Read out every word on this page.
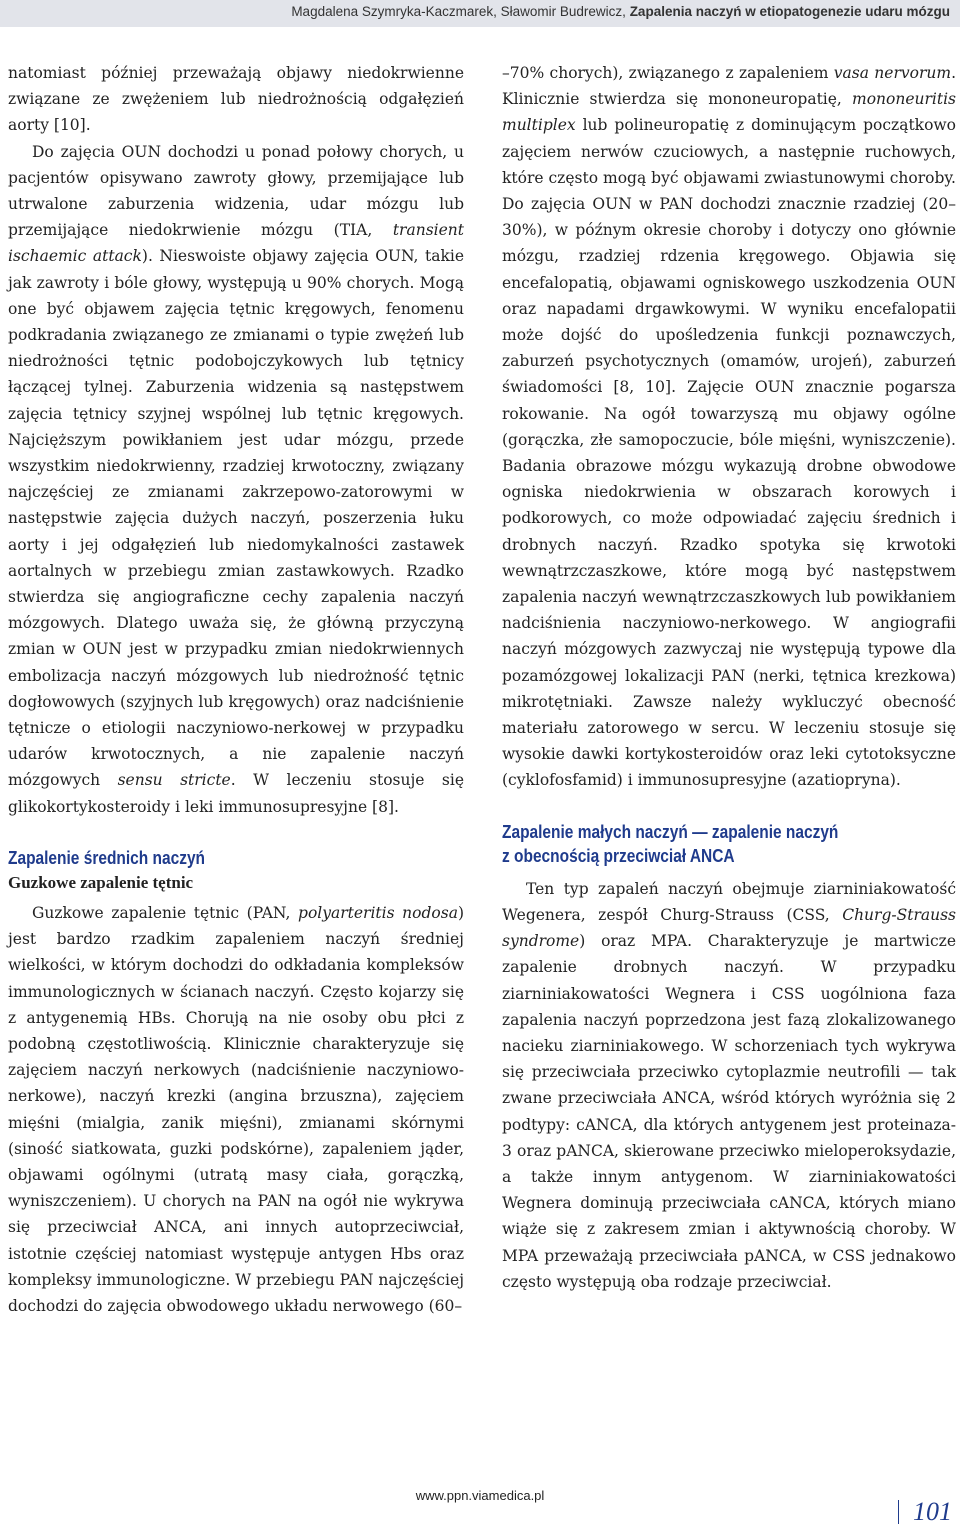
Magdalena Szymryka-Kaczmarek, Sławomir Budrewicz, Zapalenia naczyń w etiopatogenezie udaru mózgu

natomiast później przeważają objawy niedokrwienne związane ze zwężeniem lub niedrożnością odgałęzień aorty [10].

Do zajęcia OUN dochodzi u ponad połowy chorych, u pacjentów opisywano zawroty głowy, przemijające lub utrwalone zaburzenia widzenia, udar mózgu lub przemijające niedokrwienie mózgu (TIA, transient ischaemic attack). Nieswoiste objawy zajęcia OUN, takie jak zawroty i bóle głowy, występują u 90% chorych. Mogą one być objawem zajęcia tętnic kręgowych, fenomenu podkradania związanego ze zmianami o typie zwężeń lub niedrożności tętnic podobojczykowych lub tętnicy łączącej tylnej. Zaburzenia widzenia są następstwem zajęcia tętnicy szyjnej wspólnej lub tętnic kręgowych. Najcięższym powikłaniem jest udar mózgu, przede wszystkim niedokrwienny, rzadziej krwotoczny, związany najczęściej ze zmianami zakrzepowo-zatorowymi w następstwie zajęcia dużych naczyń, poszerzenia łuku aorty i jej odgałęzień lub niedomykalności zastawek aortalnych w przebiegu zmian zastawkowych. Rzadko stwierdza się angiograficzne cechy zapalenia naczyń mózgowych. Dlatego uważa się, że główną przyczyną zmian w OUN jest w przypadku zmian niedokrwiennych embolizacja naczyń mózgowych lub niedrożność tętnic dogłowowych (szyjnych lub kręgowych) oraz nadciśnienie tętnicze o etiologii naczyniowo-nerkowej w przypadku udarów krwotocznych, a nie zapalenie naczyń mózgowych sensu stricte. W leczeniu stosuje się glikokortykosteroidy i leki immunosupresyjne [8].

Zapalenie średnich naczyń
Guzkowe zapalenie tętnic

Guzkowe zapalenie tętnic (PAN, polyarteritis nodosa) jest bardzo rzadkim zapaleniem naczyń średniej wielkości, w którym dochodzi do odkładania kompleksów immunologicznych w ścianach naczyń. Często kojarzy się z antygenemią HBs. Chorują na nie osoby obu płci z podobną częstotliwością. Klinicznie charakteryzuje się zajęciem naczyń nerkowych (nadciśnienie naczyniowo-nerkowe), naczyń krezki (angina brzuszna), zajęciem mięśni (mialgia, zanik mięśni), zmianami skórnymi (siność siatkowata, guzki podskórne), zapaleniem jąder, objawami ogólnymi (utratą masy ciała, gorączką, wyniszczeniem). U chorych na PAN na ogół nie wykrywa się przeciwciał ANCA, ani innych autoprzeciwciał, istotnie częściej natomiast występuje antygen Hbs oraz kompleksy immunologiczne. W przebiegu PAN najczęściej dochodzi do zajęcia obwodowego układu nerwowego (60–

–70% chorych), związanego z zapaleniem vasa nervorum. Klinicznie stwierdza się mononeuropatię, mononeuritis multiplex lub polineuropatię z dominującym początkowo zajęciem nerwów czuciowych, a następnie ruchowych, które często mogą być objawami zwiastunowymi choroby. Do zajęcia OUN w PAN dochodzi znacznie rzadziej (20–30%), w późnym okresie choroby i dotyczy ono głównie mózgu, rzadziej rdzenia kręgowego. Objawia się encefalopatią, objawami ogniskowego uszkodzenia OUN oraz napadami drgawkowymi. W wyniku encefalopatii może dojść do upośledzenia funkcji poznawczych, zaburzeń psychotycznych (omamów, urojeń), zaburzeń świadomości [8, 10]. Zajęcie OUN znacznie pogarsza rokowanie. Na ogół towarzyszą mu objawy ogólne (gorączka, złe samopoczucie, bóle mięśni, wyniszczenie). Badania obrazowe mózgu wykazują drobne obwodowe ogniska niedokrwienia w obszarach korowych i podkorowych, co może odpowiadać zajęciu średnich i drobnych naczyń. Rzadko spotyka się krwotoki wewnątrzczaszkowe, które mogą być następstwem zapalenia naczyń wewnątrzczaszkowych lub powikłaniem nadciśnienia naczyniowo-nerkowego. W angiografii naczyń mózgowych zazwyczaj nie występują typowe dla pozamózgowej lokalizacji PAN (nerki, tętnica krezkowa) mikrotętniaki. Zawsze należy wykluczyć obecność materiału zatorowego w sercu. W leczeniu stosuje się wysokie dawki kortykosteroidów oraz leki cytotoksyczne (cyklofosfamid) i immunosupresyjne (azatiopryna).

Zapalenie małych naczyń — zapalenie naczyń
z obecnością przeciwciał ANCA

Ten typ zapaleń naczyń obejmuje ziarniniakowatość Wegenera, zespół Churg-Strauss (CSS, Churg-Strauss syndrome) oraz MPA. Charakteryzuje je martwicze zapalenie drobnych naczyń. W przypadku ziarniniakowatości Wegnera i CSS uogólniona faza zapalenia naczyń poprzedzona jest fazą zlokalizowanego nacieku ziarniniakowego. W schorzeniach tych wykrywa się przeciwciała przeciwko cytoplazmie neutrofili — tak zwane przeciwciała ANCA, wśród których wyróżnia się 2 podtypy: cANCA, dla których antygenem jest proteinaza-3 oraz pANCA, skierowane przeciwko mieloperoksydazie, a także innym antygenom. W ziarniniakowatości Wegnera dominują przeciwciała cANCA, których miano wiąże się z zakresem zmian i aktywnością choroby. W MPA przeważają przeciwciała pANCA, w CSS jednakowo często występują oba rodzaje przeciwciał.

www.ppn.viamedica.pl
101
